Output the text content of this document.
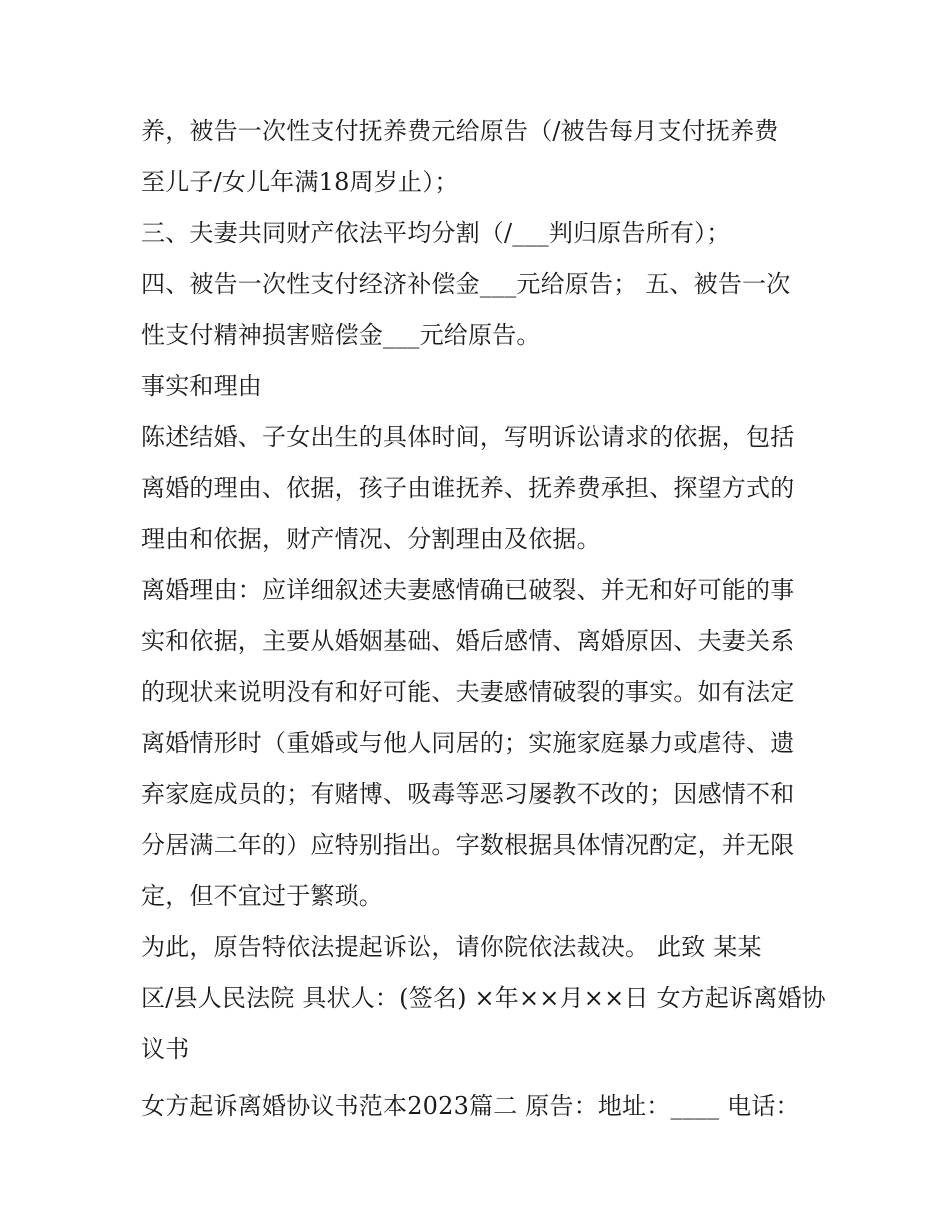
养，被告一次性支付抚养费元给原告（/被告每月支付抚养费
至儿子/女儿年满18周岁止）；
三、夫妻共同财产依法平均分割（/___判归原告所有）；
四、被告一次性支付经济补偿金___元给原告； 五、被告一次
性支付精神损害赔偿金___元给原告。
事实和理由
陈述结婚、子女出生的具体时间，写明诉讼请求的依据，包括
离婚的理由、依据，孩子由谁抚养、抚养费承担、探望方式的
理由和依据，财产情况、分割理由及依据。
离婚理由：应详细叙述夫妻感情确已破裂、并无和好可能的事
实和依据，主要从婚姻基础、婚后感情、离婚原因、夫妻关系
的现状来说明没有和好可能、夫妻感情破裂的事实。如有法定
离婚情形时（重婚或与他人同居的；实施家庭暴力或虐待、遗
弃家庭成员的；有赌博、吸毒等恶习屡教不改的；因感情不和
分居满二年的）应特别指出。字数根据具体情况酌定，并无限
定，但不宜过于繁琐。
为此，原告特依法提起诉讼，请你院依法裁决。 此致 某某
区/县人民法院 具状人：(签名) ×年××月××日 女方起诉离婚协
议书
女方起诉离婚协议书范本2023篇二 原告：地址：____ 电话：
